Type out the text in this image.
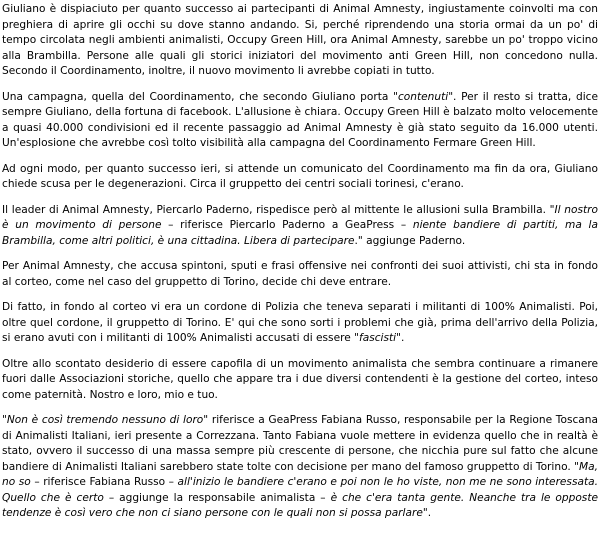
Giuliano è dispiaciuto per quanto successo ai partecipanti di Animal Amnesty, ingiustamente coinvolti ma con preghiera di aprire gli occhi su dove stanno andando. Si, perché riprendendo una storia ormai da un po' di tempo circolata negli ambienti animalisti, Occupy Green Hill, ora Animal Amnesty, sarebbe un po' troppo vicino alla Brambilla. Persone alle quali gli storici iniziatori del movimento anti Green Hill, non concedono nulla. Secondo il Coordinamento, inoltre, il nuovo movimento li avrebbe copiati in tutto.

Una campagna, quella del Coordinamento, che secondo Giuliano porta "contenuti". Per il resto si tratta, dice sempre Giuliano, della fortuna di facebook. L'allusione è chiara. Occupy Green Hill è balzato molto velocemente a quasi 40.000 condivisioni ed il recente passaggio ad Animal Amnesty è già stato seguito da 16.000 utenti. Un'esplosione che avrebbe così tolto visibilità alla campagna del Coordinamento Fermare Green Hill.

Ad ogni modo, per quanto successo ieri, si attende un comunicato del Coordinamento ma fin da ora, Giuliano chiede scusa per le degenerazioni. Circa il gruppetto dei centri sociali torinesi, c'erano.

Il leader di Animal Amnesty, Piercarlo Paderno, rispedisce però al mittente le allusioni sulla Brambilla. "Il nostro è un movimento di persone – riferisce Piercarlo Paderno a GeaPress – niente bandiere di partiti, ma la Brambilla, come altri politici, è una cittadina. Libera di partecipare." aggiunge Paderno.

Per Animal Amnesty, che accusa spintoni, sputi e frasi offensive nei confronti dei suoi attivisti, chi sta in fondo al corteo, come nel caso del gruppetto di Torino, decide chi deve entrare.

Di fatto, in fondo al corteo vi era un cordone di Polizia che teneva separati i militanti di 100% Animalisti. Poi, oltre quel cordone, il gruppetto di Torino. E' qui che sono sorti i problemi che già, prima dell'arrivo della Polizia, si erano avuti con i militanti di 100% Animalisti accusati di essere "fascisti".

Oltre allo scontato desiderio di essere capofila di un movimento animalista che sembra continuare a rimanere fuori dalle Associazioni storiche, quello che appare tra i due diversi contendenti è la gestione del corteo, inteso come paternità. Nostro e loro, mio e tuo.

"Non è così tremendo nessuno di loro" riferisce a GeaPress Fabiana Russo, responsabile per la Regione Toscana di Animalisti Italiani, ieri presente a Correzzana. Tanto Fabiana vuole mettere in evidenza quello che in realtà è stato, ovvero il successo di una massa sempre più crescente di persone, che nicchia pure sul fatto che alcune bandiere di Animalisti Italiani sarebbero state tolte con decisione per mano del famoso gruppetto di Torino. "Ma, no so – riferisce Fabiana Russo – all'inizio le bandiere c'erano e poi non le ho viste, non me ne sono interessata. Quello che è certo – aggiunge la responsabile animalista – è che c'era tanta gente. Neanche tra le opposte tendenze è così vero che non ci siano persone con le quali non si possa parlare".
